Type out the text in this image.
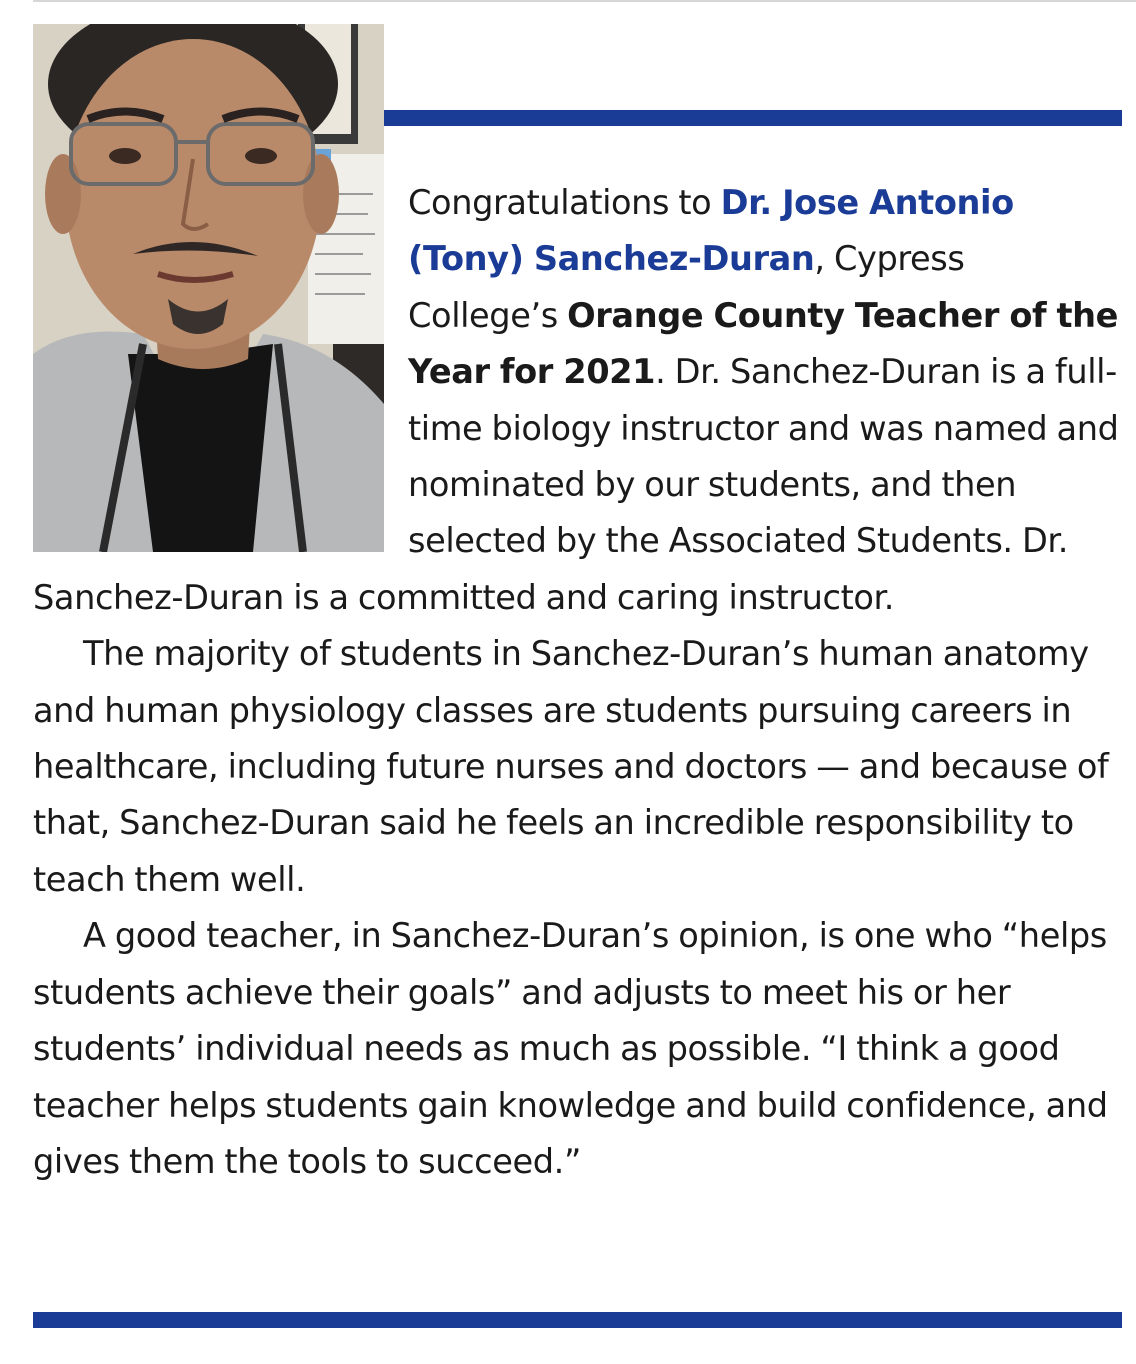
Congratulations to Dr. Jose Antonio (Tony) Sanchez-Duran, Cypress College’s Orange County Teacher of the Year for 2021. Dr. Sanchez-Duran is a full-time biology instructor and was named and nominated by our students, and then selected by the Associated Students. Dr. Sanchez-Duran is a committed and caring instructor.

The majority of students in Sanchez-Duran’s human anatomy and human physiology classes are students pursuing careers in healthcare, including future nurses and doctors — and because of that, Sanchez-Duran said he feels an incredible responsibility to teach them well.

A good teacher, in Sanchez-Duran’s opinion, is one who “helps students achieve their goals” and adjusts to meet his or her students’ individual needs as much as possible. “I think a good teacher helps students gain knowledge and build confidence, and gives them the tools to succeed.”
